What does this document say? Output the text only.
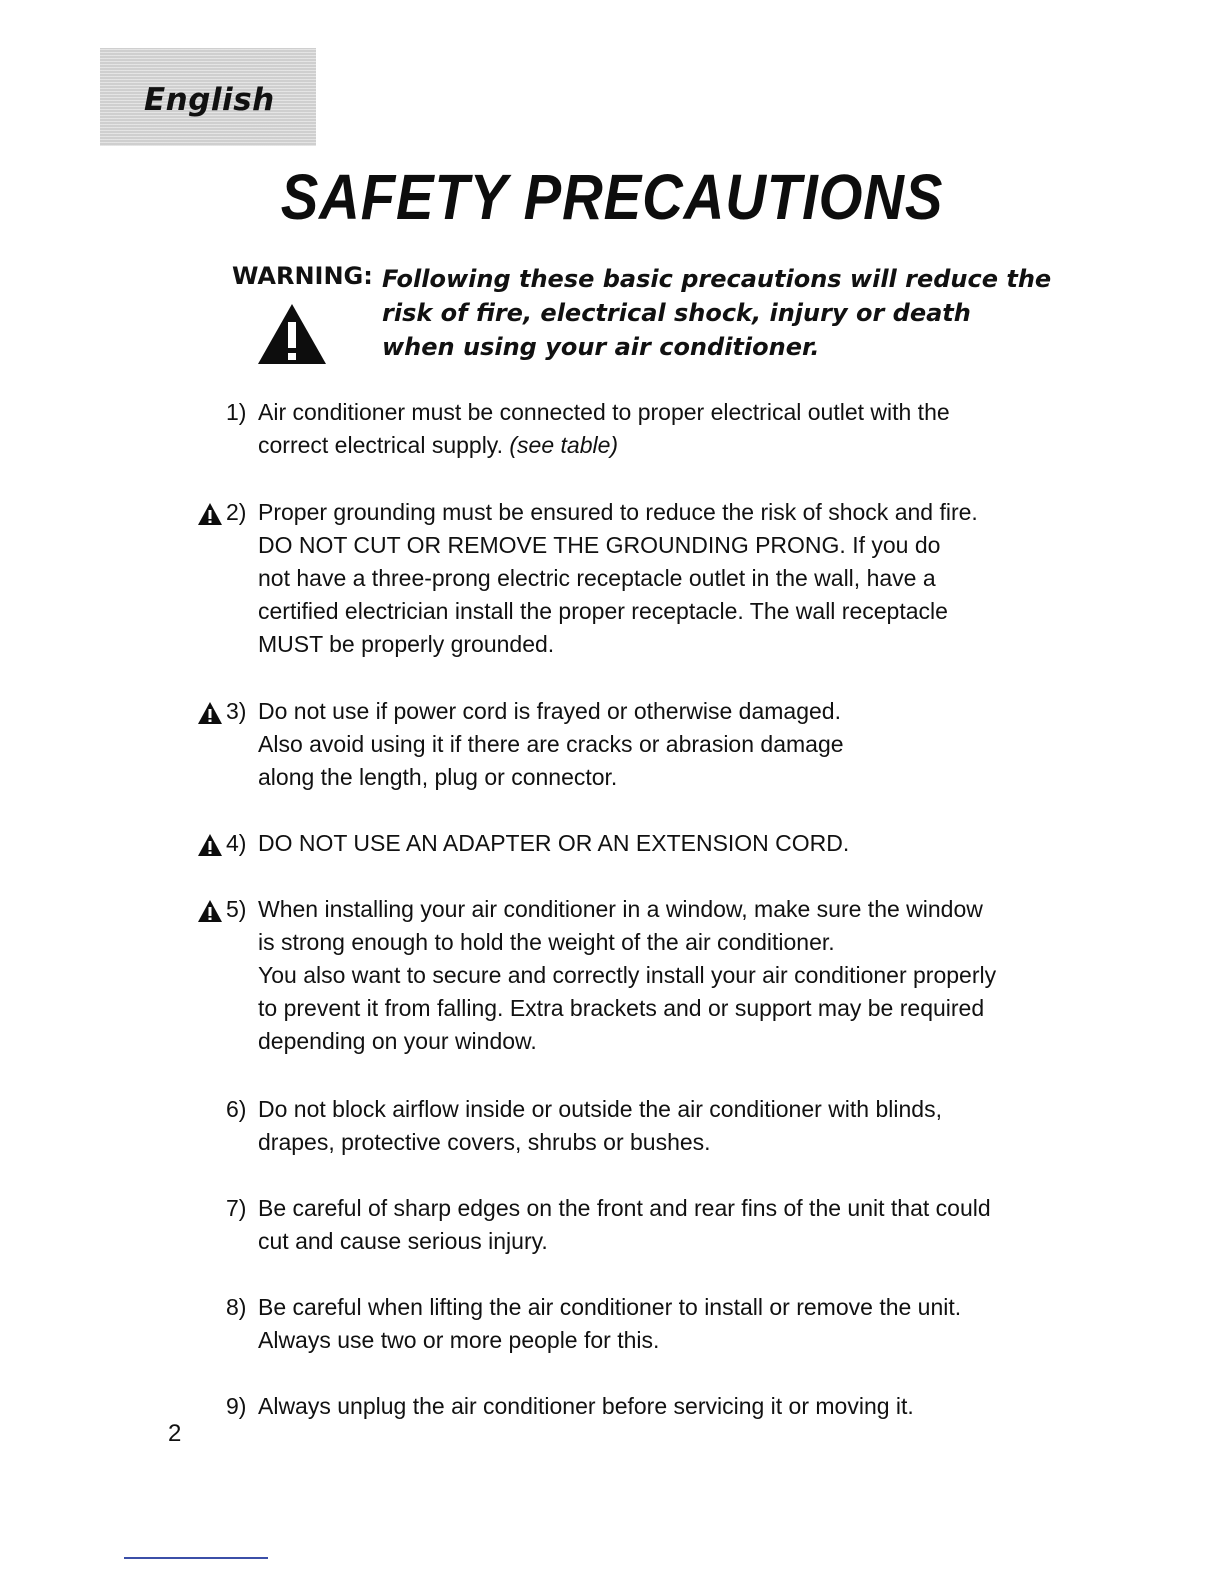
English
SAFETY PRECAUTIONS
WARNING: Following these basic precautions will reduce the
risk of fire, electrical shock, injury or death
when using your air conditioner.
1) Air conditioner must be connected to proper electrical outlet with the
correct electrical supply. (see table)
2) Proper grounding must be ensured to reduce the risk of shock and fire.
DO NOT CUT OR REMOVE THE GROUNDING PRONG. If you do
not have a three-prong electric receptacle outlet in the wall, have a
certified electrician install the proper receptacle. The wall receptacle
MUST be properly grounded.
3) Do not use if power cord is frayed or otherwise damaged.
Also avoid using it if there are cracks or abrasion damage
along the length, plug or connector.
4) DO NOT USE AN ADAPTER OR AN EXTENSION CORD.
5) When installing your air conditioner in a window, make sure the window
is strong enough to hold the weight of the air conditioner.
You also want to secure and correctly install your air conditioner properly
to prevent it from falling. Extra brackets and or support may be required
depending on your window.
6) Do not block airflow inside or outside the air conditioner with blinds,
drapes, protective covers, shrubs or bushes.
7) Be careful of sharp edges on the front and rear fins of the unit that could
cut and cause serious injury.
8) Be careful when lifting the air conditioner to install or remove the unit.
Always use two or more people for this.
9) Always unplug the air conditioner before servicing it or moving it.
2
